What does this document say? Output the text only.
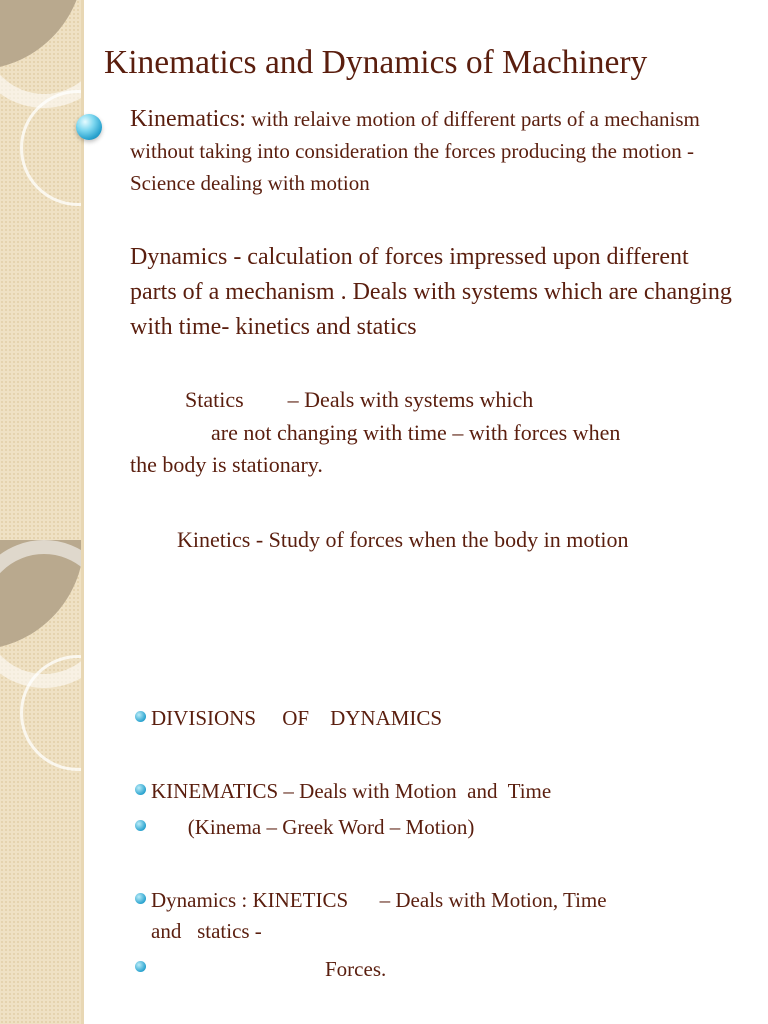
Kinematics and Dynamics of Machinery
Kinematics: with relaive motion of different parts of a mechanism without taking into consideration the forces producing the motion - Science dealing with motion
Dynamics - calculation of forces impressed upon different parts of a mechanism . Deals with systems which are changing with time- kinetics and statics
Statics        – Deals with systems which
are not changing with time – with forces when
the body is stationary.
Kinetics - Study of forces when the body in motion
DIVISIONS     OF    DYNAMICS
KINEMATICS – Deals with Motion  and  Time
(Kinema – Greek Word – Motion)
Dynamics : KINETICS      – Deals with Motion, Time
and   statics -
Forces.
